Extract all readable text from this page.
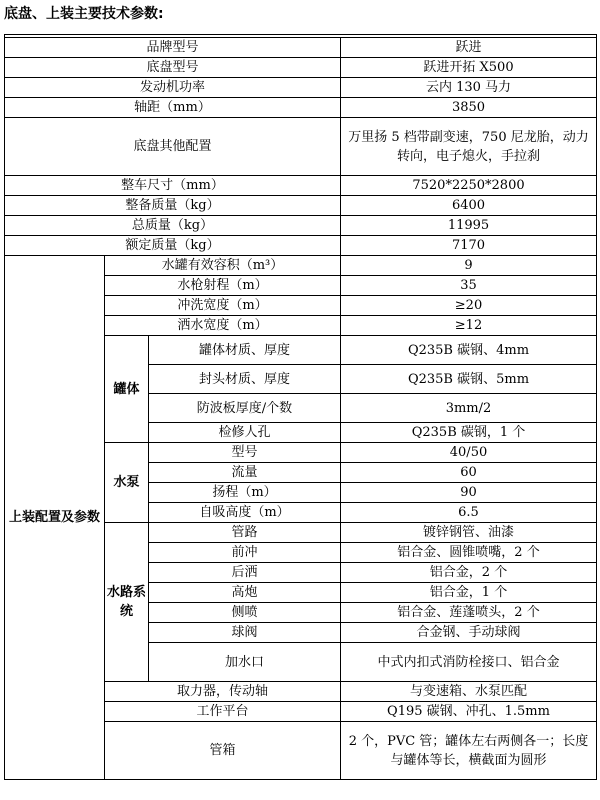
底盘、上装主要技术参数:

品牌型号			跃进
底盘型号			跃进开拓 X500
发动机功率			云内 130 马力
轴距（mm）			3850
底盘其他配置			万里扬 5 档带副变速，750 尼龙胎，动力转向，电子熄火，手拉刹
整车尺寸（mm）			7520*2250*2800
整备质量（kg）			6400
总质量（kg）			11995
额定质量（kg）			7170
上装配置及参数	水罐有效容积（m³）		9
	水枪射程（m）		35
	冲洗宽度（m）		≥20
	洒水宽度（m）		≥12
	罐体	罐体材质、厚度	Q235B 碳钢、4mm
		封头材质、厚度	Q235B 碳钢、5mm
		防波板厚度/个数	3mm/2
		检修人孔	Q235B 碳钢，1 个
	水泵	型号	40/50
		流量	60
		扬程（m）	90
		自吸高度（m）	6.5
	水路系统	管路	镀锌钢管、油漆
		前冲	铝合金、圆锥喷嘴，2 个
		后洒	铝合金，2 个
		高炮	铝合金，1 个
		侧喷	铝合金、莲蓬喷头，2 个
		球阀	合金钢、手动球阀
		加水口	中式内扣式消防栓接口、铝合金
	取力器，传动轴		与变速箱、水泵匹配
	工作平台		Q195 碳钢、冲孔、1.5mm
	管箱		2 个，PVC 管；罐体左右两侧各一；长度与罐体等长，横截面为圆形
